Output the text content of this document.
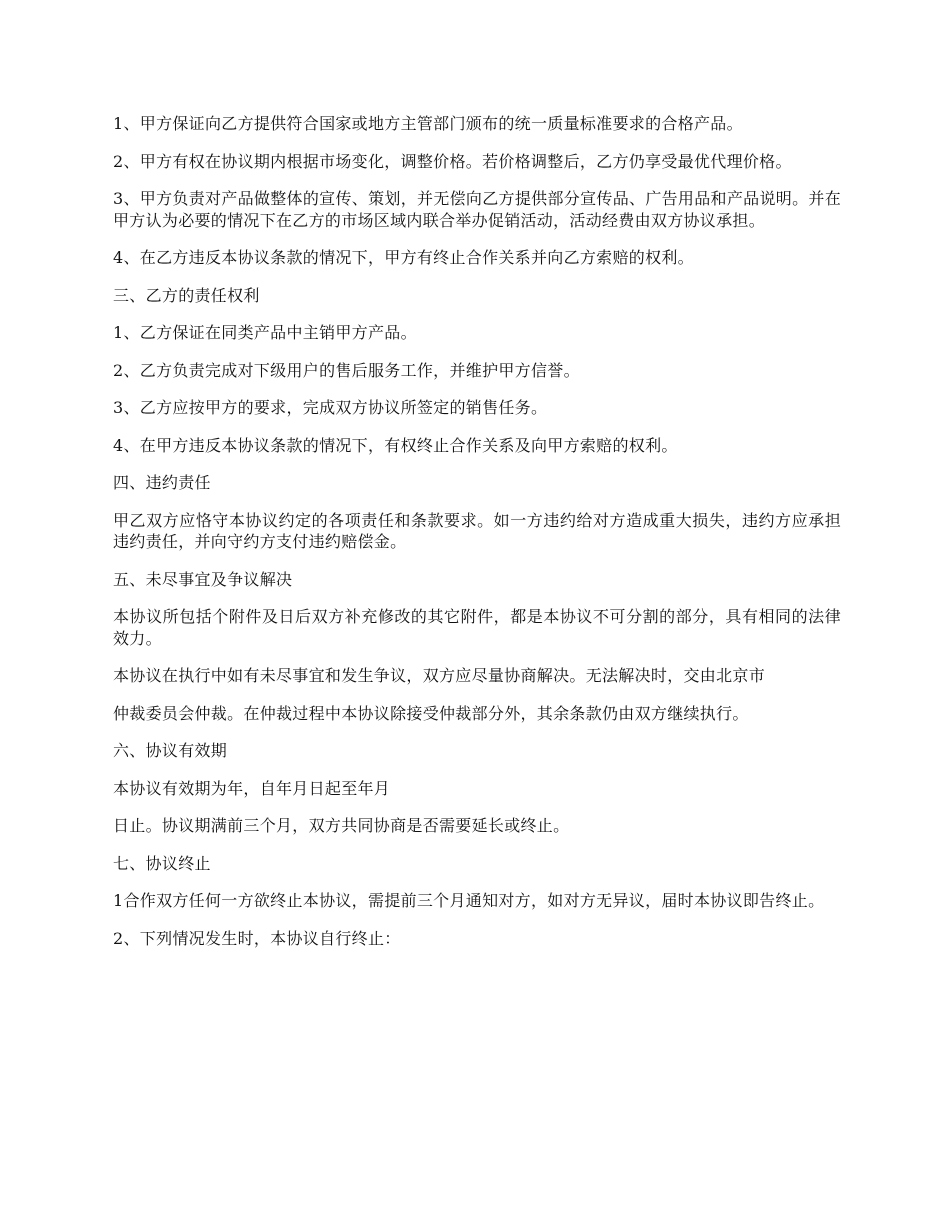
1、甲方保证向乙方提供符合国家或地方主管部门颁布的统一质量标准要求的合格产品。

2、甲方有权在协议期内根据市场变化，调整价格。若价格调整后，乙方仍享受最优代理价格。

3、甲方负责对产品做整体的宣传、策划，并无偿向乙方提供部分宣传品、广告用品和产品说明。并在甲方认为必要的情况下在乙方的市场区域内联合举办促销活动，活动经费由双方协议承担。

4、在乙方违反本协议条款的情况下，甲方有终止合作关系并向乙方索赔的权利。

三、乙方的责任权利

1、乙方保证在同类产品中主销甲方产品。

2、乙方负责完成对下级用户的售后服务工作，并维护甲方信誉。

3、乙方应按甲方的要求，完成双方协议所签定的销售任务。

4、在甲方违反本协议条款的情况下，有权终止合作关系及向甲方索赔的权利。

四、违约责任

甲乙双方应恪守本协议约定的各项责任和条款要求。如一方违约给对方造成重大损失，违约方应承担违约责任，并向守约方支付违约赔偿金。

五、未尽事宜及争议解决

本协议所包括个附件及日后双方补充修改的其它附件，都是本协议不可分割的部分，具有相同的法律效力。

本协议在执行中如有未尽事宜和发生争议，双方应尽量协商解决。无法解决时，交由北京市

仲裁委员会仲裁。在仲裁过程中本协议除接受仲裁部分外，其余条款仍由双方继续执行。

六、协议有效期

本协议有效期为年，自年月日起至年月

日止。协议期满前三个月，双方共同协商是否需要延长或终止。

七、协议终止

1合作双方任何一方欲终止本协议，需提前三个月通知对方，如对方无异议，届时本协议即告终止。

2、下列情况发生时，本协议自行终止：
